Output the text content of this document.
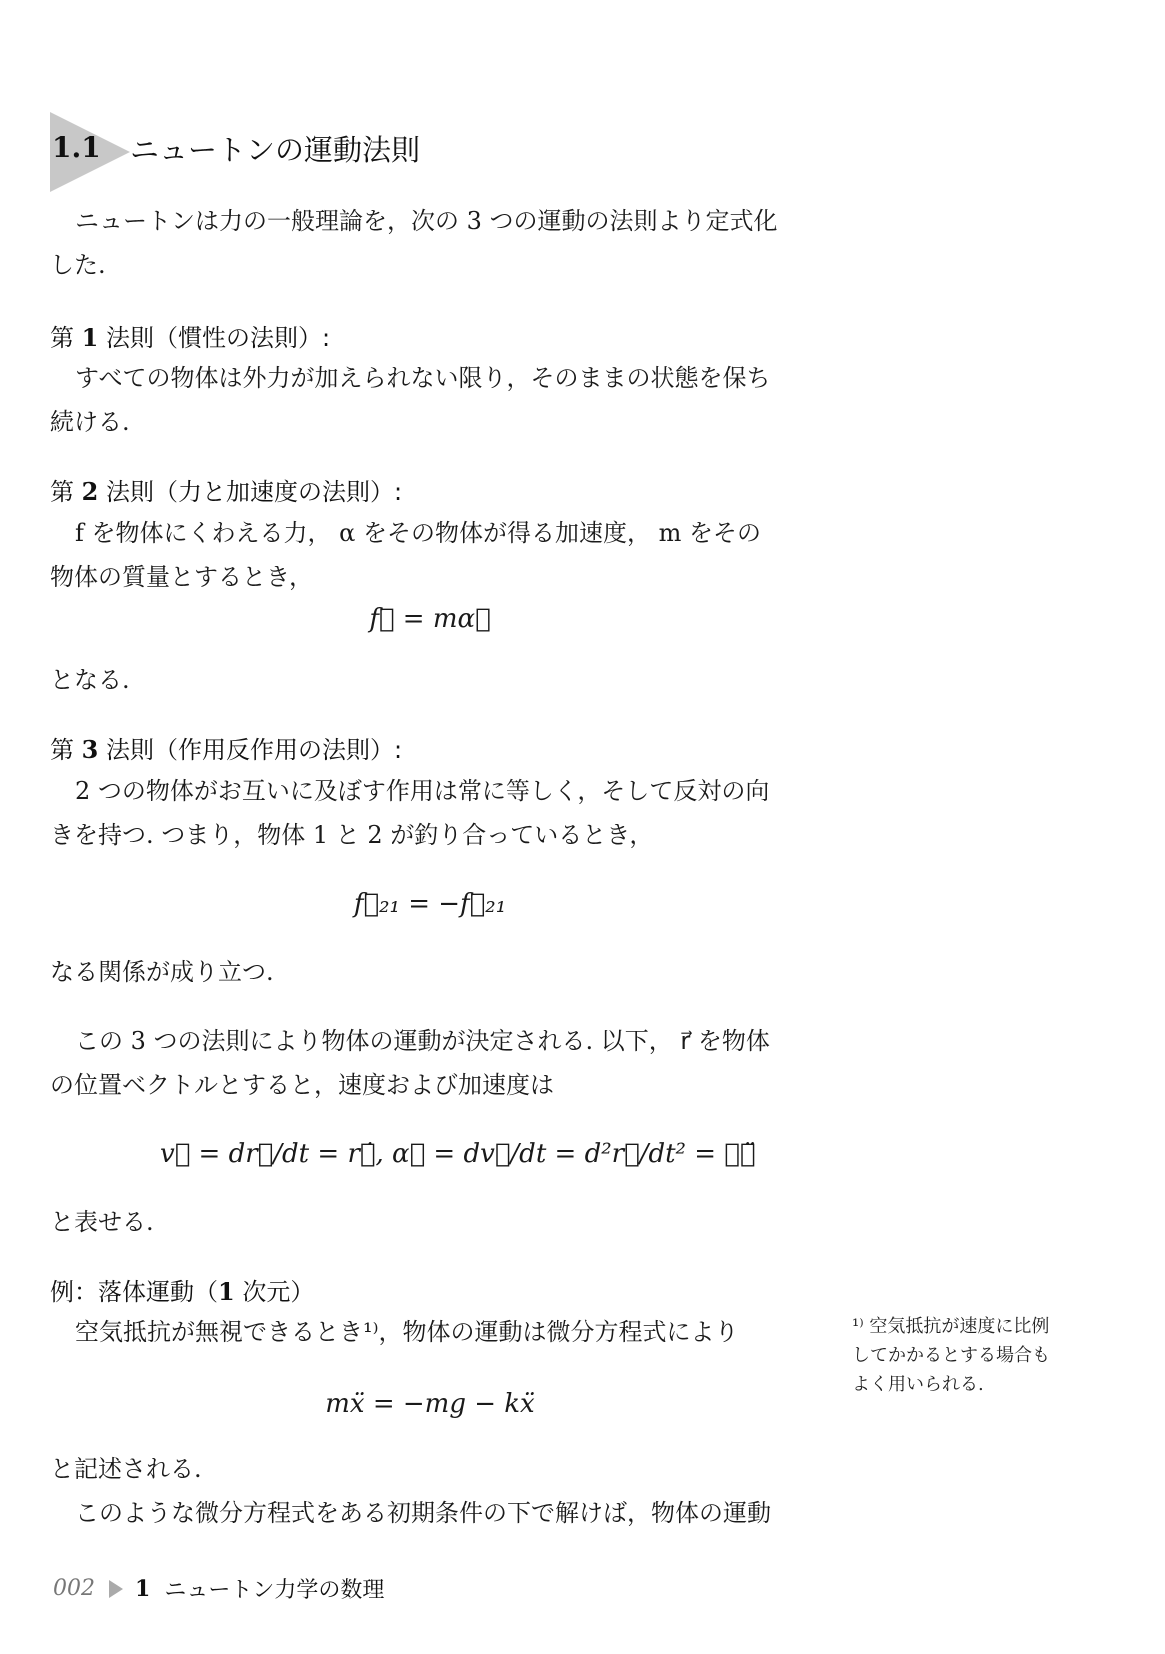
1.1 ニュートンの運動法則
ニュートンは力の一般理論を，次の 3 つの運動の法則より定式化
した.
第 1 法則（慣性の法則）:
すべての物体は外力が加えられない限り，そのままの状態を保ち
続ける.
第 2 法則（力と加速度の法則）:
f を物体にくわえる力， α をその物体が得る加速度， m をその
物体の質量とするとき，
f⃗ = mα⃗
となる.
第 3 法則（作用反作用の法則）:
2 つの物体がお互いに及ぼす作用は常に等しく，そして反対の向
きを持つ. つまり，物体 1 と 2 が釣り合っているとき，
f⃗₂₁ = −f⃗₂₁
なる関係が成り立つ.
この 3 つの法則により物体の運動が決定される. 以下， r⃗ を物体
の位置ベクトルとすると，速度および加速度は
v⃗ = dr⃗/dt = r⃗̇, α⃗ = dv⃗/dt = d²r⃗/dt² = ℝ⃗̈
と表せる.
例：落体運動（1 次元）
空気抵抗が無視できるとき¹⁾，物体の運動は微分方程式により
mẍ = −mg − kẍ
と記述される.
このような微分方程式をある初期条件の下で解けば，物体の運動
¹⁾ 空気抵抗が速度に比例
してかかるとする場合も
よく用いられる.
002 1 ニュートン力学の数理
